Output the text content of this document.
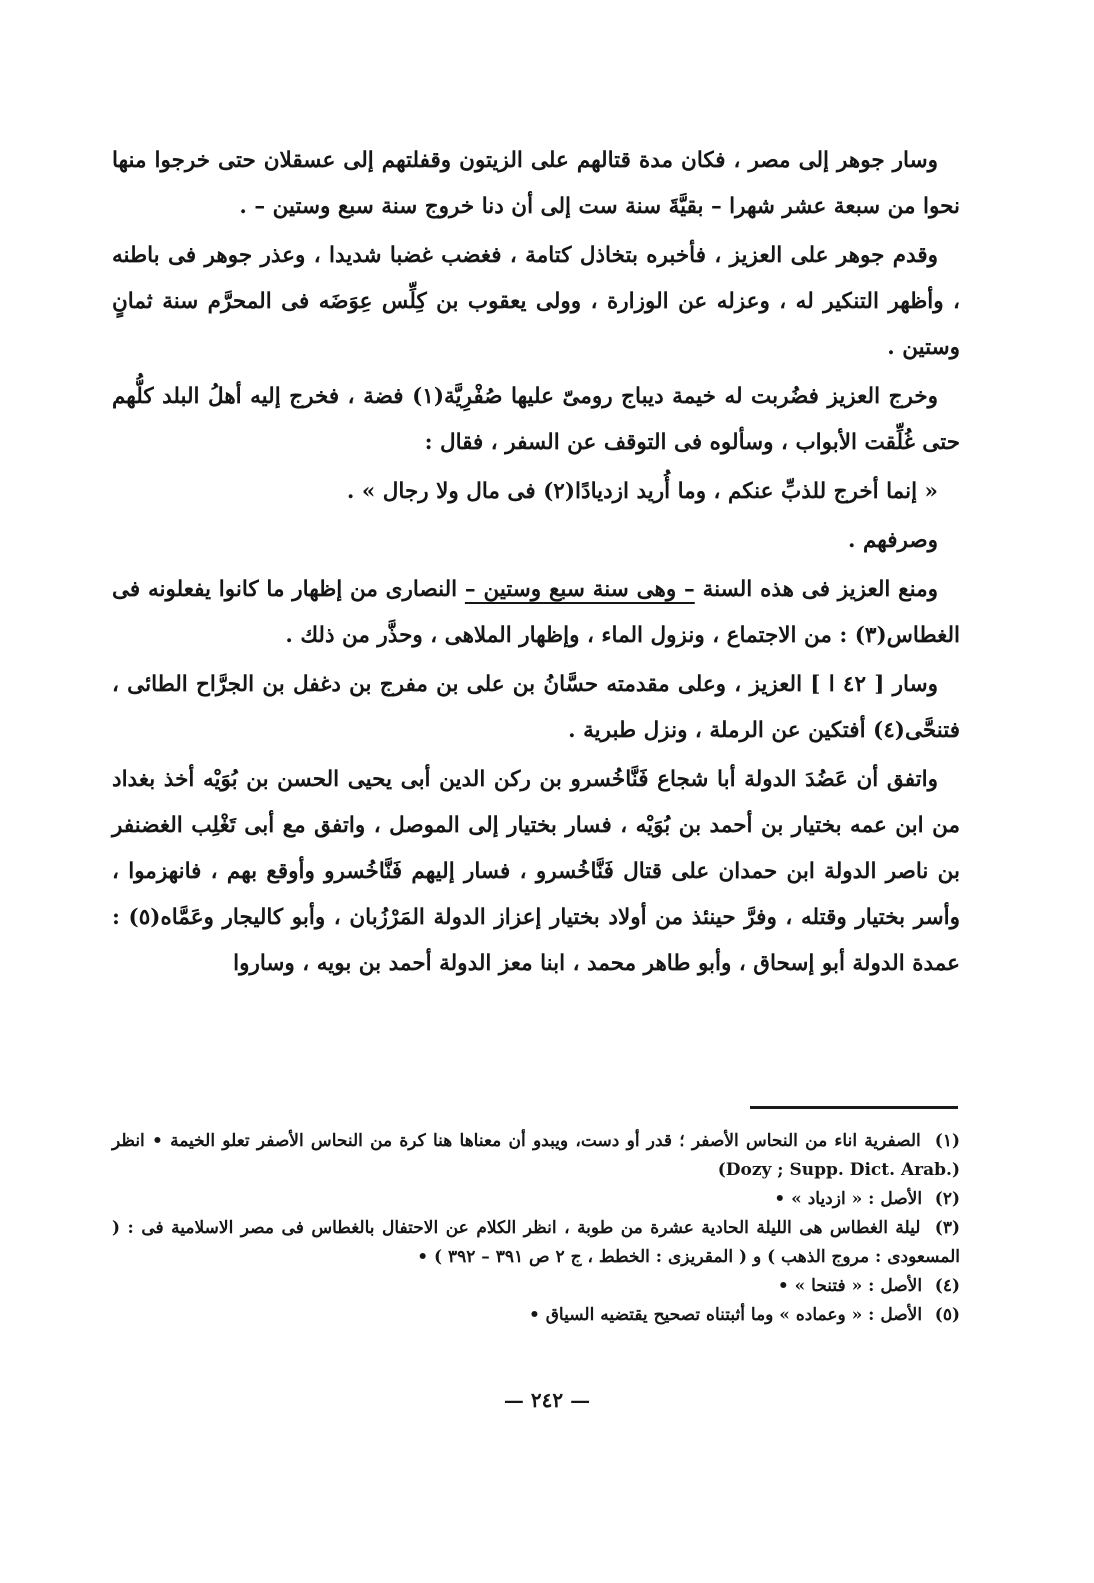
وسار جوهر إلى مصر ، فكان مدة قتالهم على الزيتون وقفلتهم إلى عسقلان حتى خرجوا منها نحوا من سبعة عشر شهرا – بقيَّةَ سنة ست إلى أن دنا خروج سنة سبع وستين – .

وقدم جوهر على العزيز ، فأخبره بتخاذل كتامة ، فغضب غضبا شديدا ، وعذر جوهر فى باطنه ، وأظهر التنكير له ، وعزله عن الوزارة ، وولى يعقوب بن كِلِّس عِوَضَه فى المحرَّم سنة ثمانٍ وستين .

وخرج العزيز فضُربت له خيمة ديباج رومىّ عليها صُفْرِيَّة(١) فضة ، فخرج إليه أهلُ البلد كلُّهم حتى غُلِّقت الأبواب ، وسألوه فى التوقف عن السفر ، فقال :

« إنما أخرج للذبِّ عنكم ، وما أُريد ازديادًا(٢) فى مال ولا رجال » .

وصرفهم .

ومنع العزيز فى هذه السنة – وهى سنة سبع وستين – النصارى من إظهار ما كانوا يفعلونه فى الغطاس(٣) : من الاجتماع ، ونزول الماء ، وإظهار الملاهى ، وحذَّر من ذلك .

وسار [ ٤٢ ا ] العزيز ، وعلى مقدمته حسَّانُ بن على بن مفرج بن دغفل بن الجرَّاح الطائى ، فتنحَّى(٤) أفتكين عن الرملة ، ونزل طبرية .

واتفق أن عَضُدَ الدولة أبا شجاع فَنَّاخُسرو بن ركن الدين أبى يحيى الحسن بن بُوَيْه أخذ بغداد من ابن عمه بختيار بن أحمد بن بُوَيْه ، فسار بختيار إلى الموصل ، واتفق مع أبى تَغْلِب الغضنفر بن ناصر الدولة ابن حمدان على قتال فَنَّاخُسرو ، فسار إليهم فَنَّاخُسرو وأوقع بهم ، فانهزموا ، وأسر بختيار وقتله ، وفرَّ حينئذ من أولاد بختيار إعزاز الدولة المَرْزُبان ، وأبو كاليجار وعَمَّاه(٥) : عمدة الدولة أبو إسحاق ، وأبو طاهر محمد ، ابنا معز الدولة أحمد بن بويه ، وساروا

(١) الصفرية اناء من النحاس الأصفر ؛ قدر أو دست، ويبدو أن معناها هنا كرة من النحاس الأصفر تعلو الخيمة • انظر (Dozy ; Supp. Dict. Arab.)

(٢) الأصل : « ازدياد » •

(٣) ليلة الغطاس هى الليلة الحادية عشرة من طوبة ، انظر الكلام عن الاحتفال بالغطاس فى مصر الاسلامية فى : ( المسعودى : مروج الذهب ) و ( المقريزى : الخطط ، ج ٢ ص ٣٩١ – ٣٩٢ ) •

(٤) الأصل : « فتنحا » •

(٥) الأصل : « وعماده » وما أثبتناه تصحيح يقتضيه السياق •

— ٢٤٢ —
